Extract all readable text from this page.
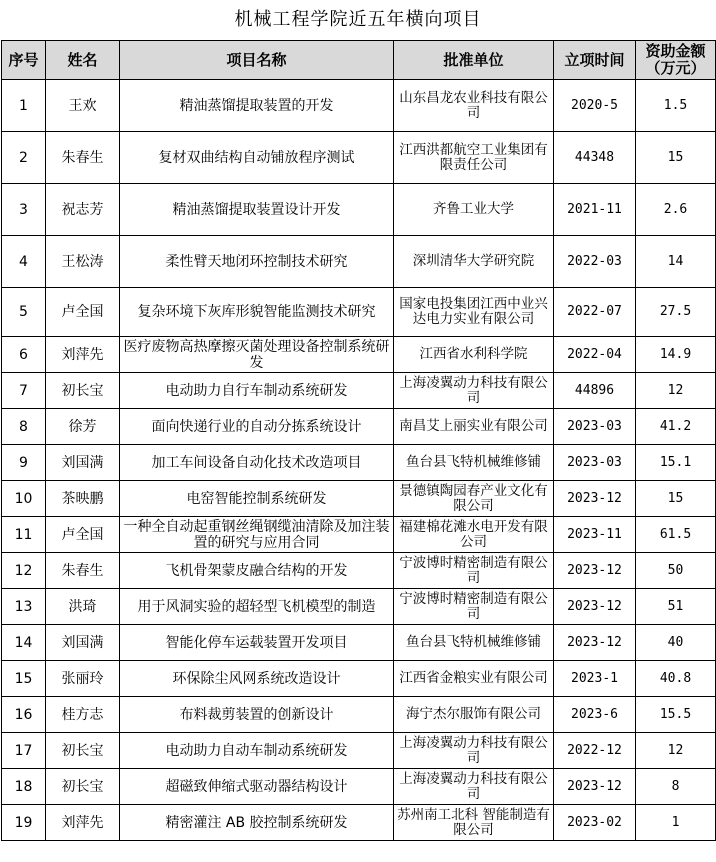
机械工程学院近五年横向项目
序号	姓名	项目名称	批准单位	立项时间	资助金额（万元）
1	王欢	精油蒸馏提取装置的开发	山东昌龙农业科技有限公司	2020-5	1.5
2	朱春生	复材双曲结构自动铺放程序测试	江西洪都航空工业集团有限责任公司	44348	15
3	祝志芳	精油蒸馏提取装置设计开发	齐鲁工业大学	2021-11	2.6
4	王松涛	柔性臂天地闭环控制技术研究	深圳清华大学研究院	2022-03	14
5	卢全国	复杂环境下灰库形貌智能监测技术研究	国家电投集团江西中业兴达电力实业有限公司	2022-07	27.5
6	刘萍先	医疗废物高热摩擦灭菌处理设备控制系统研发	江西省水利科学院	2022-04	14.9
7	初长宝	电动助力自行车制动系统研发	上海凌翼动力科技有限公司	44896	12
8	徐芳	面向快递行业的自动分拣系统设计	南昌艾上丽实业有限公司	2023-03	41.2
9	刘国满	加工车间设备自动化技术改造项目	鱼台县飞特机械维修铺	2023-03	15.1
10	茶映鹏	电窑智能控制系统研发	景德镇陶园春产业文化有限公司	2023-12	15
11	卢全国	一种全自动起重钢丝绳钢缆油清除及加注装置的研究与应用合同	福建棉花滩水电开发有限公司	2023-11	61.5
12	朱春生	飞机骨架蒙皮融合结构的开发	宁波博时精密制造有限公司	2023-12	50
13	洪琦	用于风洞实验的超轻型飞机模型的制造	宁波博时精密制造有限公司	2023-12	51
14	刘国满	智能化停车运载装置开发项目	鱼台县飞特机械维修铺	2023-12	40
15	张丽玲	环保除尘风网系统改造设计	江西省金粮实业有限公司	2023-1	40.8
16	桂方志	布料裁剪装置的创新设计	海宁杰尔服饰有限公司	2023-6	15.5
17	初长宝	电动助力自动车制动系统研发	上海凌翼动力科技有限公司	2022-12	12
18	初长宝	超磁致伸缩式驱动器结构设计	上海凌翼动力科技有限公司	2023-12	8
19	刘萍先	精密灌注 AB 胶控制系统研发	苏州南工北科 智能制造有限公司	2023-02	1
